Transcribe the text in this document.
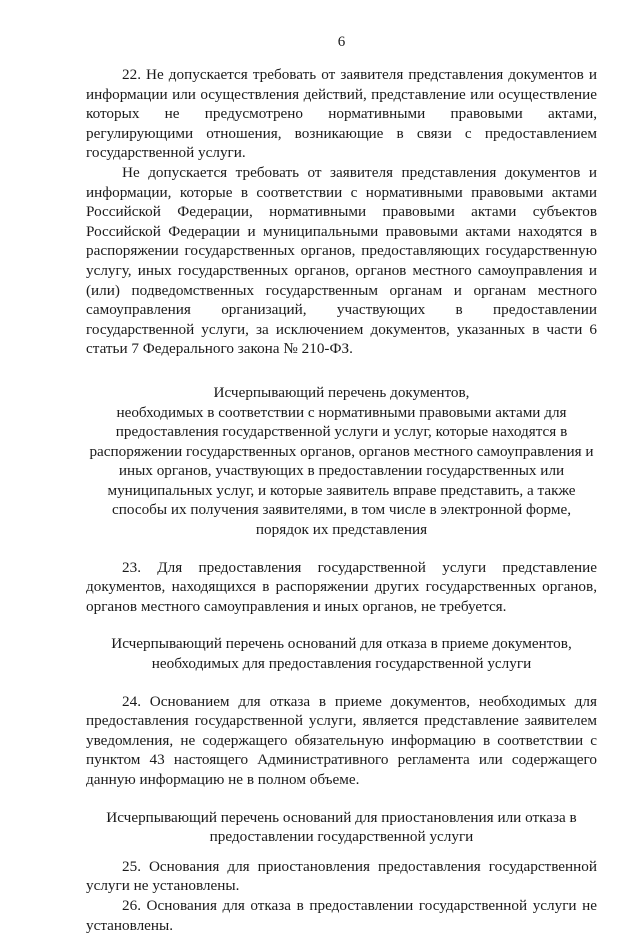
6

22. Не допускается требовать от заявителя представления документов и информации или осуществления действий, представление или осуществление которых не предусмотрено нормативными правовыми актами, регулирующими отношения, возникающие в связи с предоставлением государственной услуги.

Не допускается требовать от заявителя представления документов и информации, которые в соответствии с нормативными правовыми актами Российской Федерации, нормативными правовыми актами субъектов Российской Федерации и муниципальными правовыми актами находятся в распоряжении государственных органов, предоставляющих государственную услугу, иных государственных органов, органов местного самоуправления и (или) подведомственных государственным органам и органам местного самоуправления организаций, участвующих в предоставлении государственной услуги, за исключением документов, указанных в части 6 статьи 7 Федерального закона № 210-ФЗ.

Исчерпывающий перечень документов,

необходимых в соответствии с нормативными правовыми актами для предоставления государственной услуги и услуг, которые находятся в распоряжении государственных органов, органов местного самоуправления и иных органов, участвующих в предоставлении государственных или муниципальных услуг, и которые заявитель вправе представить, а также способы их получения заявителями, в том числе в электронной форме, порядок их представления

23. Для предоставления государственной услуги представление документов, находящихся в распоряжении других государственных органов, органов местного самоуправления и иных органов, не требуется.

Исчерпывающий перечень оснований для отказа в приеме документов, необходимых для предоставления государственной услуги

24. Основанием для отказа в приеме документов, необходимых для предоставления государственной услуги, является представление заявителем уведомления, не содержащего обязательную информацию в соответствии с пунктом 43 настоящего Административного регламента или содержащего данную информацию не в полном объеме.

Исчерпывающий перечень оснований для приостановления или отказа в предоставлении государственной услуги

25. Основания для приостановления предоставления государственной услуги не установлены.

26. Основания для отказа в предоставлении государственной услуги не установлены.
